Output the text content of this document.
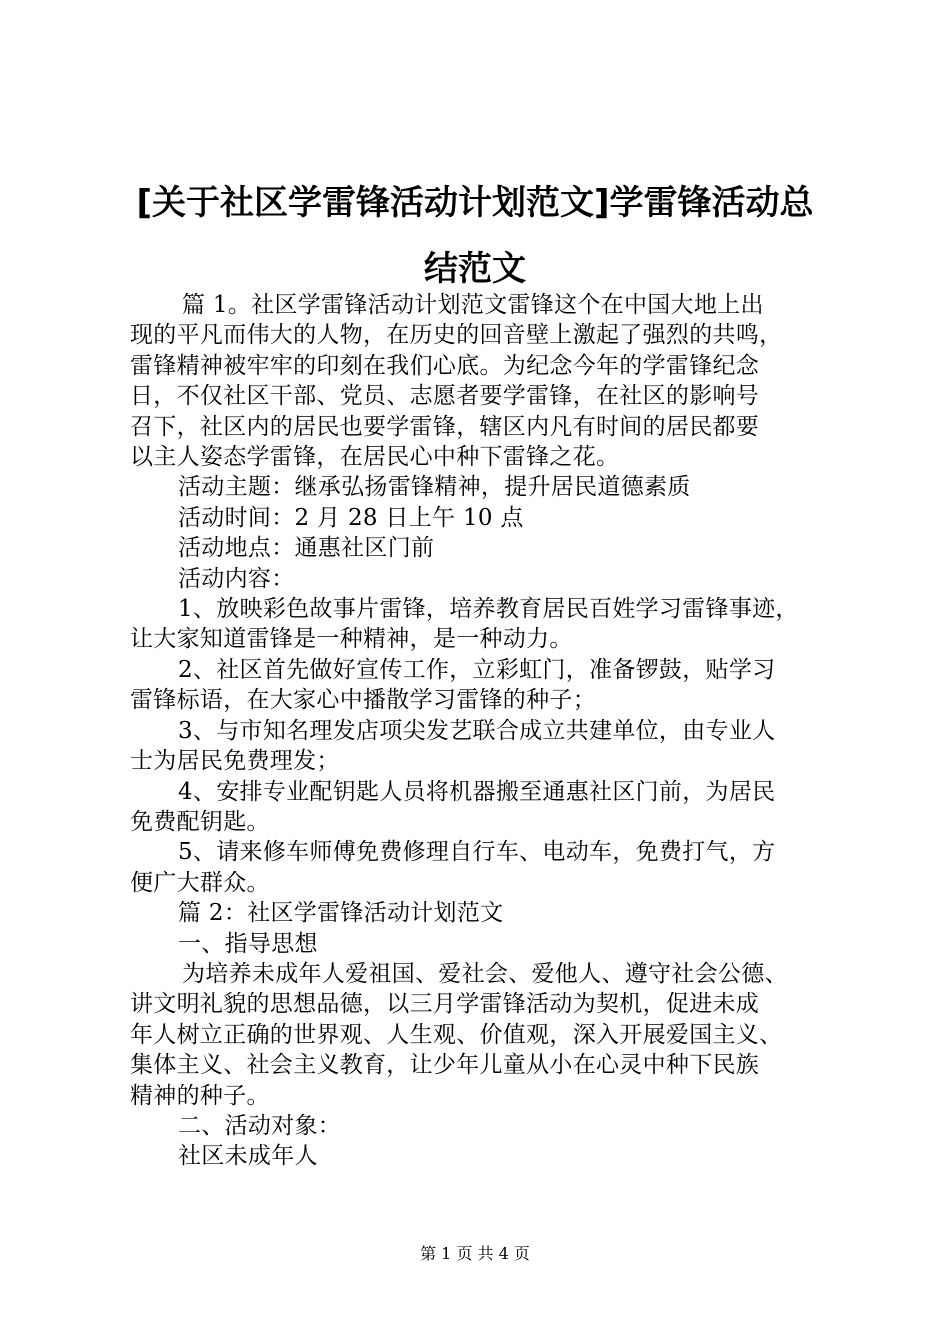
[关于社区学雷锋活动计划范文]学雷锋活动总
结范文
篇 1。社区学雷锋活动计划范文雷锋这个在中国大地上出
现的平凡而伟大的人物，在历史的回音壁上激起了强烈的共鸣，
雷锋精神被牢牢的印刻在我们心底。为纪念今年的学雷锋纪念
日，不仅社区干部、党员、志愿者要学雷锋，在社区的影响号
召下，社区内的居民也要学雷锋，辖区内凡有时间的居民都要
以主人姿态学雷锋，在居民心中种下雷锋之花。
活动主题：继承弘扬雷锋精神，提升居民道德素质
活动时间：2 月 28 日上午 10 点
活动地点：通惠社区门前
活动内容：
1、放映彩色故事片雷锋，培养教育居民百姓学习雷锋事迹，
让大家知道雷锋是一种精神，是一种动力。
2、社区首先做好宣传工作，立彩虹门，准备锣鼓，贴学习
雷锋标语，在大家心中播散学习雷锋的种子；
3、与市知名理发店项尖发艺联合成立共建单位，由专业人
士为居民免费理发；
4、安排专业配钥匙人员将机器搬至通惠社区门前，为居民
免费配钥匙。
5、请来修车师傅免费修理自行车、电动车，免费打气，方
便广大群众。
篇 2：社区学雷锋活动计划范文
一、指导思想
为培养未成年人爱祖国、爱社会、爱他人、遵守社会公德、
讲文明礼貌的思想品德，以三月学雷锋活动为契机，促进未成
年人树立正确的世界观、人生观、价值观，深入开展爱国主义、
集体主义、社会主义教育，让少年儿童从小在心灵中种下民族
精神的种子。
二、活动对象：
社区未成年人
第 1 页 共 4 页
